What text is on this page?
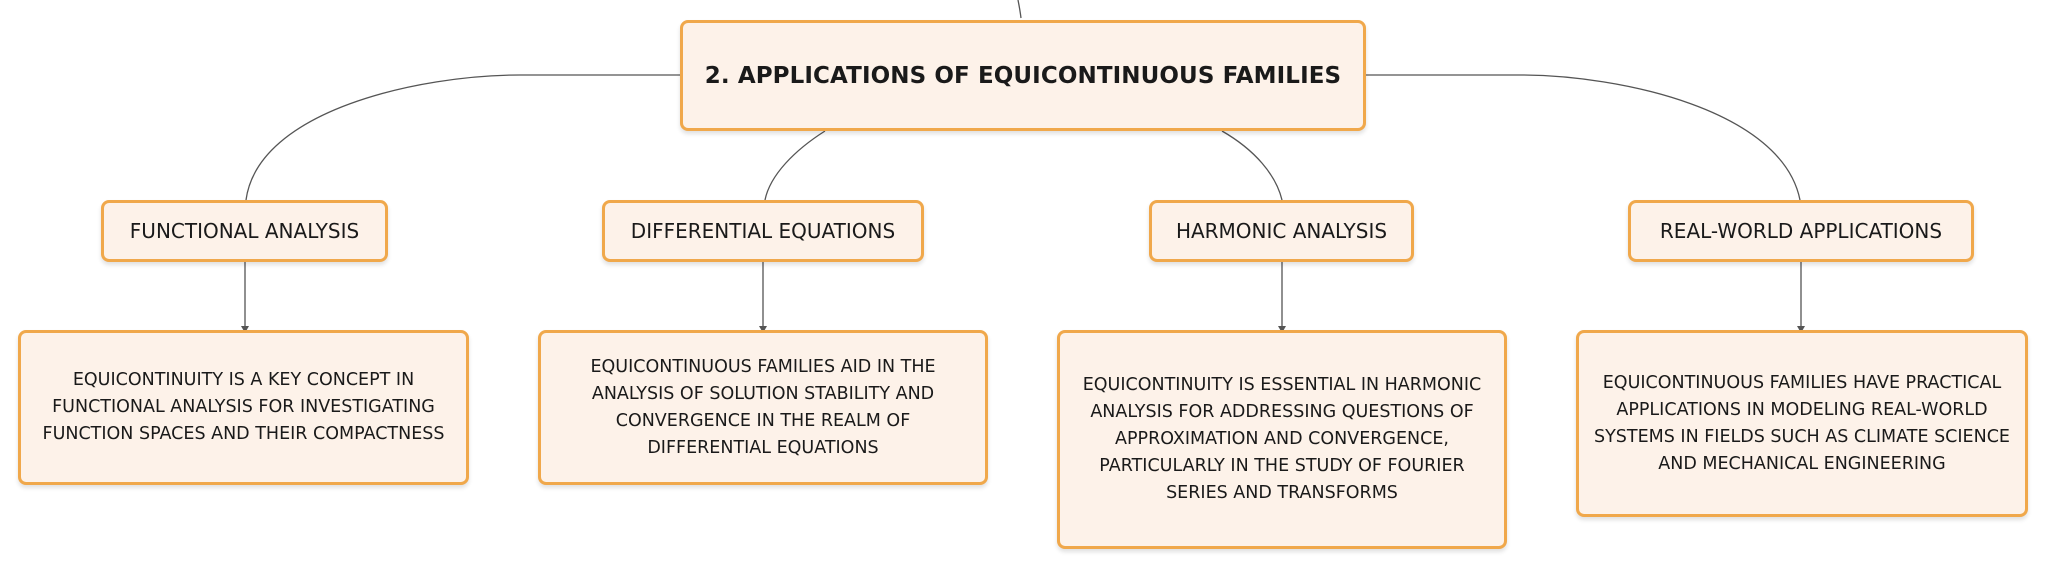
2. APPLICATIONS OF EQUICONTINUOUS FAMILIES
FUNCTIONAL ANALYSIS	DIFFERENTIAL EQUATIONS	HARMONIC ANALYSIS	REAL-WORLD APPLICATIONS
EQUICONTINUITY IS A KEY CONCEPT IN FUNCTIONAL ANALYSIS FOR INVESTIGATING FUNCTION SPACES AND THEIR COMPACTNESS
EQUICONTINUOUS FAMILIES AID IN THE ANALYSIS OF SOLUTION STABILITY AND CONVERGENCE IN THE REALM OF DIFFERENTIAL EQUATIONS
EQUICONTINUITY IS ESSENTIAL IN HARMONIC ANALYSIS FOR ADDRESSING QUESTIONS OF APPROXIMATION AND CONVERGENCE, PARTICULARLY IN THE STUDY OF FOURIER SERIES AND TRANSFORMS
EQUICONTINUOUS FAMILIES HAVE PRACTICAL APPLICATIONS IN MODELING REAL-WORLD SYSTEMS IN FIELDS SUCH AS CLIMATE SCIENCE AND MECHANICAL ENGINEERING
